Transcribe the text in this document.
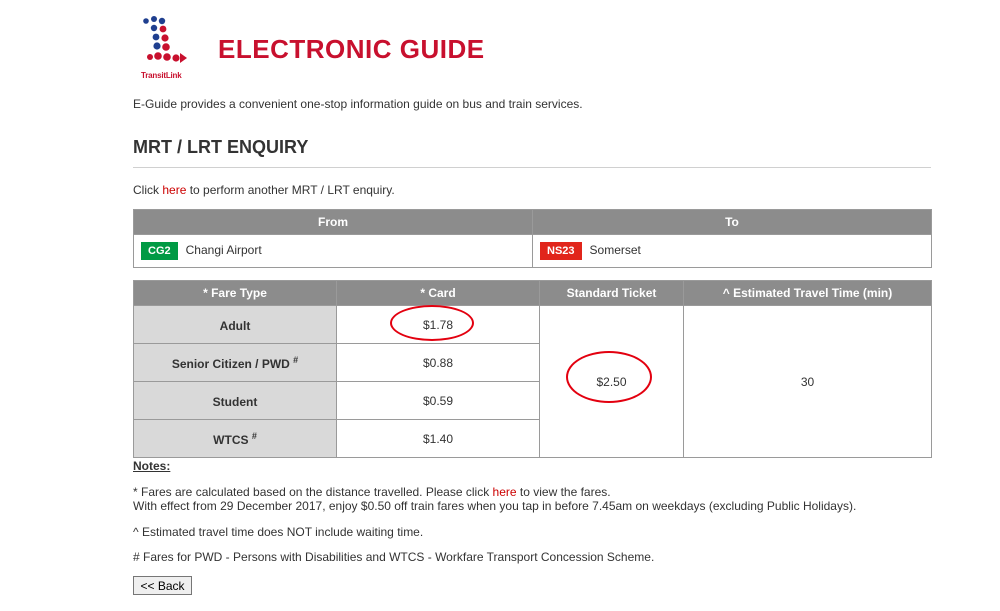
TransitLink
ELECTRONIC GUIDE
E-Guide provides a convenient one-stop information guide on bus and train services.
MRT / LRT ENQUIRY
Click here to perform another MRT / LRT enquiry.
From	To
CG2 Changi Airport	NS23 Somerset
* Fare Type	* Card	Standard Ticket	^ Estimated Travel Time (min)
Adult	$1.78	$2.50	30
Senior Citizen / PWD #	$0.88		
Student	$0.59		
WTCS #	$1.40		
Notes:
* Fares are calculated based on the distance travelled. Please click here to view the fares.
With effect from 29 December 2017, enjoy $0.50 off train fares when you tap in before 7.45am on weekdays (excluding Public Holidays).
^ Estimated travel time does NOT include waiting time.
# Fares for PWD - Persons with Disabilities and WTCS - Workfare Transport Concession Scheme.
<< Back
